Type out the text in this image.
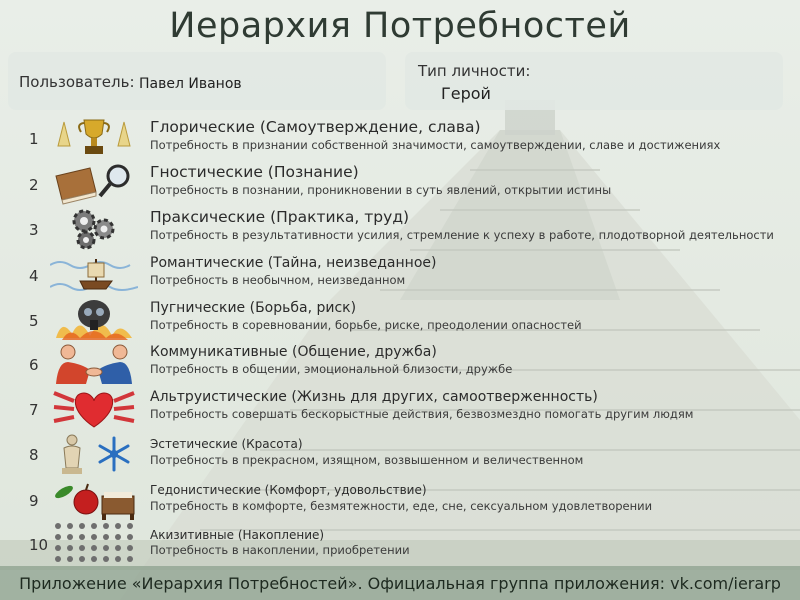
Иерархия Потребностей
Пользователь: Павел Иванов
Тип личности:
Герой
1
Глорические (Самоутверждение, слава)
Потребность в признании собственной значимости, самоутверждении, славе и достижениях
2
Гностические (Познание)
Потребность в познании, проникновении в суть явлений, открытии истины
3
Праксические (Практика, труд)
Потребность в результативности усилия, стремление к успеху в работе, плодотворной деятельности
4
Романтические (Тайна, неизведанное)
Потребность в необычном, неизведанном
5
Пугнические (Борьба, риск)
Потребность в соревновании, борьбе, риске, преодолении опасностей
6
Коммуникативные (Общение, дружба)
Потребность в общении, эмоциональной близости, дружбе
7
Альтруистические (Жизнь для других, самоотверженность)
Потребность совершать бескорыстные действия, безвозмездно помогать другим людям
8
Эстетические (Красота)
Потребность в прекрасном, изящном, возвышенном и величественном
9
Гедонистические (Комфорт, удовольствие)
Потребность в комфорте, безмятежности, еде, сне, сексуальном удовлетворении
10
Акизитивные (Накопление)
Потребность в накоплении, приобретении
Приложение «Иерархия Потребностей». Официальная группа приложения: vk.com/ierarp
